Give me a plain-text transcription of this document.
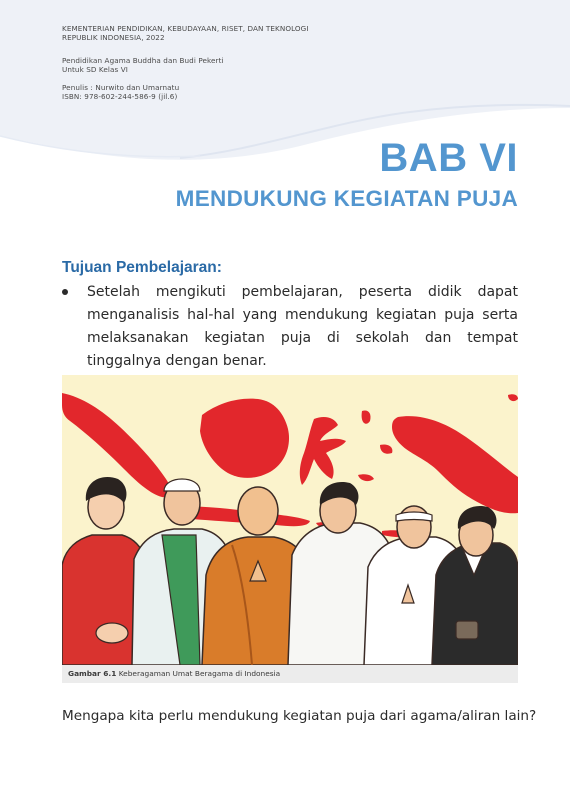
KEMENTERIAN PENDIDIKAN, KEBUDAYAAN, RISET, DAN TEKNOLOGI
REPUBLIK INDONESIA, 2022
Pendidikan Agama Buddha dan Budi Pekerti
Untuk SD Kelas VI
Penulis : Nurwito dan Umarnatu
ISBN: 978-602-244-586-9 (jil.6)
BAB VI
MENDUKUNG KEGIATAN PUJA
Tujuan Pembelajaran:
Setelah mengikuti pembelajaran, peserta didik dapat menganalisis hal-hal yang mendukung kegiatan puja serta melaksanakan kegiatan puja di sekolah dan tempat tinggalnya dengan benar.
Gambar 6.1 Keberagaman Umat Beragama di Indonesia
Mengapa kita perlu mendukung kegiatan puja dari agama/aliran lain?
